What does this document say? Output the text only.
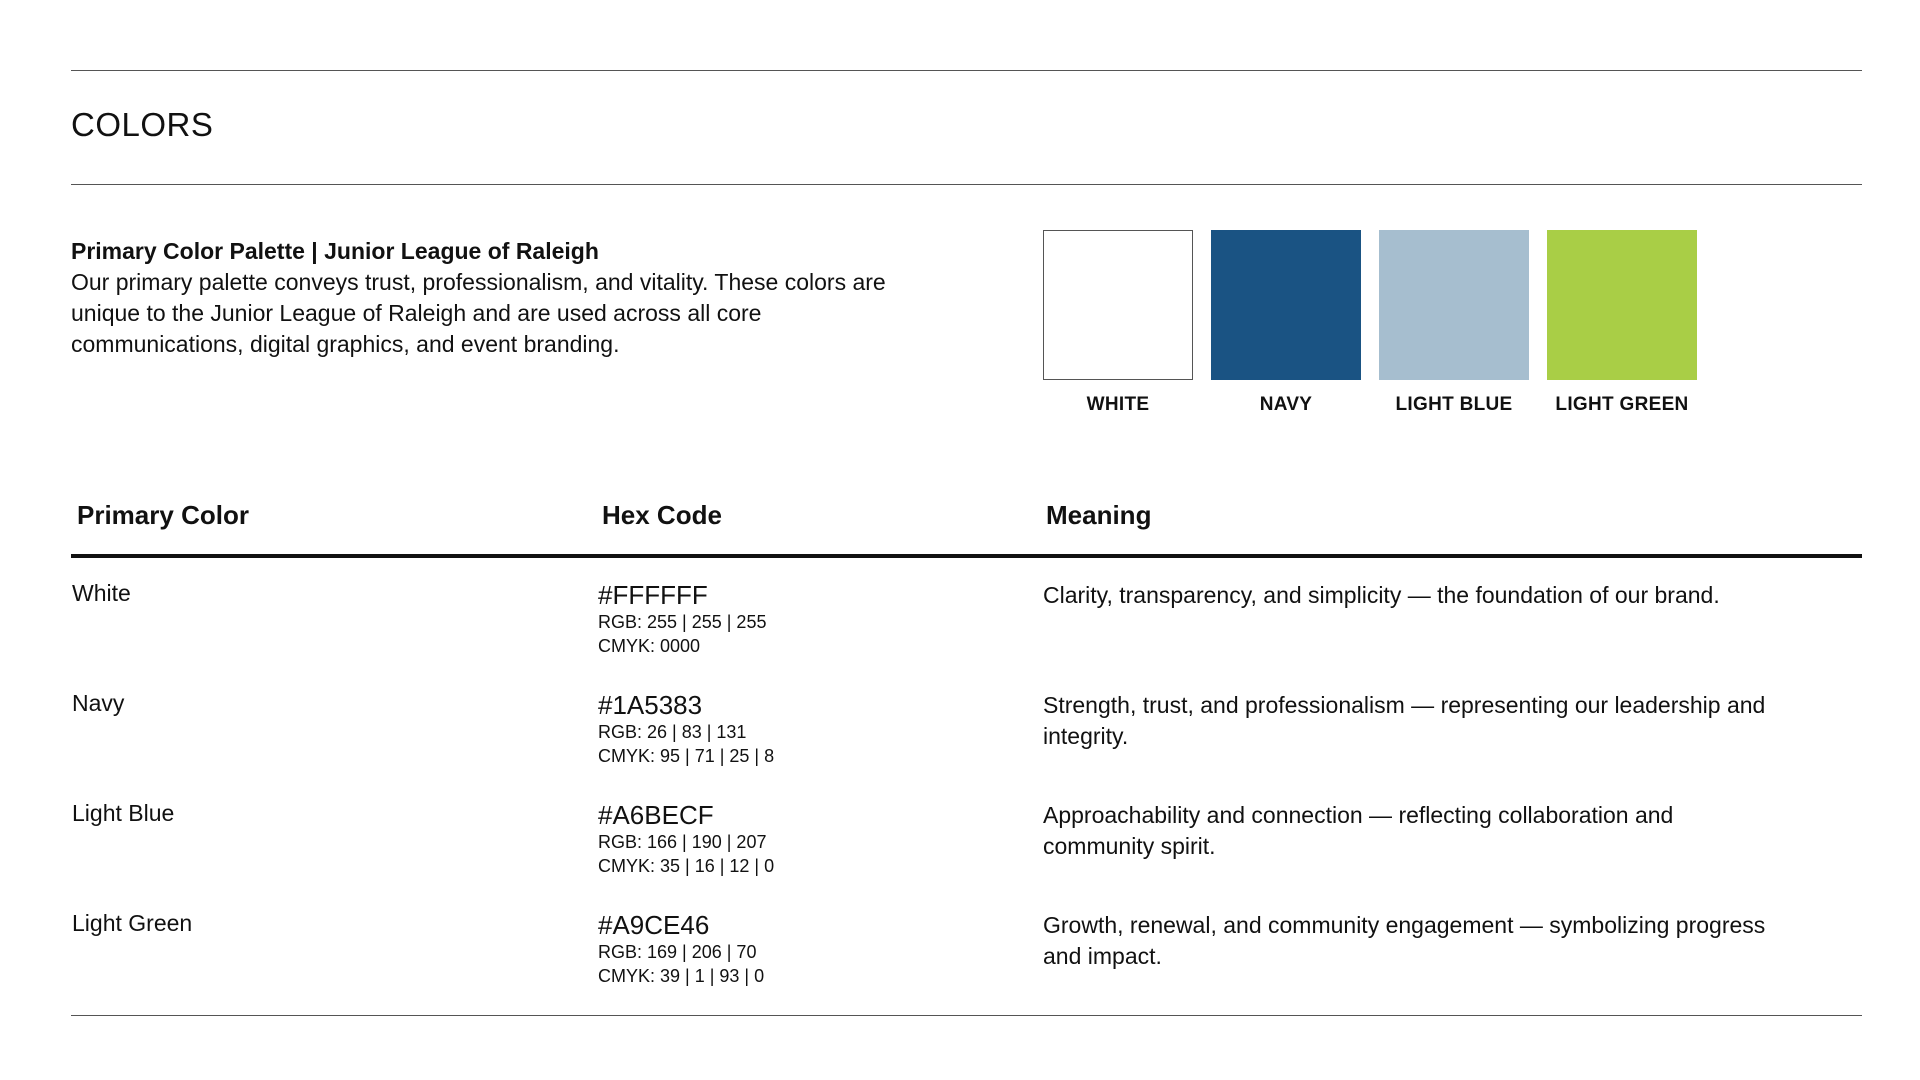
COLORS
Primary Color Palette | Junior League of Raleigh
Our primary palette conveys trust, professionalism, and vitality. These colors are unique to the Junior League of Raleigh and are used across all core communications, digital graphics, and event branding.
WHITE	NAVY	LIGHT BLUE LIGHT GREEN
Primary Color	Hex Code	Meaning
White	#FFFFFF
RGB: 255 | 255 | 255
CMYK: 0000
Clarity, transparency, and simplicity — the foundation of our brand.
Navy	#1A5383
RGB: 26 | 83 | 131
CMYK: 95 | 71 | 25 | 8
Strength, trust, and professionalism — representing our leadership and integrity.
Light Blue	#A6BECF
RGB: 166 | 190 | 207
CMYK: 35 | 16 | 12 | 0
Approachability and connection — reflecting collaboration and community spirit.
Light Green	#A9CE46
RGB: 169 | 206 | 70
CMYK: 39 | 1 | 93 | 0
Growth, renewal, and community engagement — symbolizing progress and impact.
